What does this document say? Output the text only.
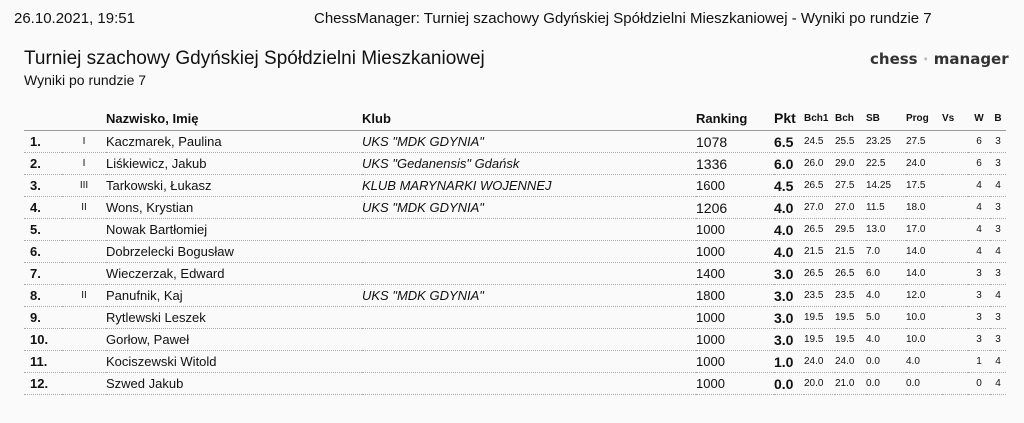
26.10.2021, 19:51	ChessManager: Turniej szachowy Gdyńskiej Spółdzielni Mieszkaniowej - Wyniki po rundzie 7
Turniej szachowy Gdyńskiej Spółdzielni Mieszkaniowej
Wyniki po rundzie 7
chess ∙ manager
		Nazwisko, Imię	Klub	Ranking	Pkt	Bch1	Bch	SB	Prog	Vs	W	B
1.	I	Kaczmarek, Paulina	UKS "MDK GDYNIA"	1078	6.5	24.5	25.5	23.25	27.5		6	3
2.	I	Liśkiewicz, Jakub	UKS "Gedanensis" Gdańsk	1336	6.0	26.0	29.0	22.5	24.0		6	3
3.	III	Tarkowski, Łukasz	KLUB MARYNARKI WOJENNEJ	1600	4.5	26.5	27.5	14.25	17.5		4	4
4.	II	Wons, Krystian	UKS "MDK GDYNIA"	1206	4.0	27.0	27.0	11.5	18.0		4	3
5.		Nowak Bartłomiej		1000	4.0	26.5	29.5	13.0	17.0		4	3
6.		Dobrzelecki Bogusław		1000	4.0	21.5	21.5	7.0	14.0		4	4
7.		Wieczerzak, Edward		1400	3.0	26.5	26.5	6.0	14.0		3	3
8.	II	Panufnik, Kaj	UKS "MDK GDYNIA"	1800	3.0	23.5	23.5	4.0	12.0		3	4
9.		Rytlewski Leszek		1000	3.0	19.5	19.5	5.0	10.0		3	3
10.		Gorłow, Paweł		1000	3.0	19.5	19.5	4.0	10.0		3	3
11.		Kociszewski Witold		1000	1.0	24.0	24.0	0.0	4.0		1	4
12.		Szwed Jakub		1000	0.0	20.0	21.0	0.0	0.0		0	4
